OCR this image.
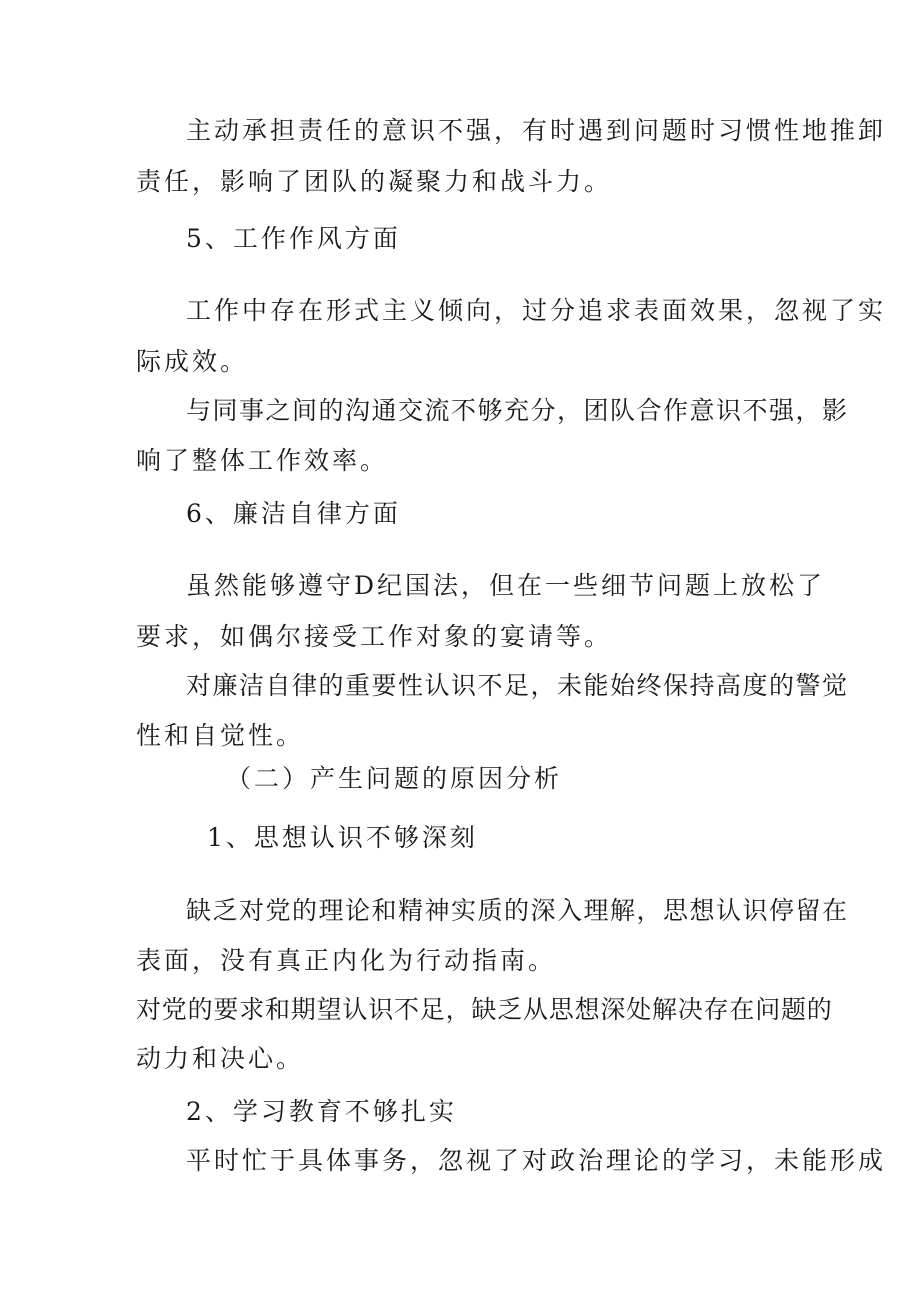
主动承担责任的意识不强，有时遇到问题时习惯性地推卸
责任，影响了团队的凝聚力和战斗力。
5、工作作风方面
工作中存在形式主义倾向，过分追求表面效果，忽视了实
际成效。
与同事之间的沟通交流不够充分，团队合作意识不强，影
响了整体工作效率。
6、廉洁自律方面
虽然能够遵守D纪国法，但在一些细节问题上放松了
要求，如偶尔接受工作对象的宴请等。
对廉洁自律的重要性认识不足，未能始终保持高度的警觉
性和自觉性。
（二）产生问题的原因分析
1、思想认识不够深刻
缺乏对党的理论和精神实质的深入理解，思想认识停留在
表面，没有真正内化为行动指南。
对党的要求和期望认识不足，缺乏从思想深处解决存在问题的
动力和决心。
2、学习教育不够扎实
平时忙于具体事务，忽视了对政治理论的学习，未能形成
